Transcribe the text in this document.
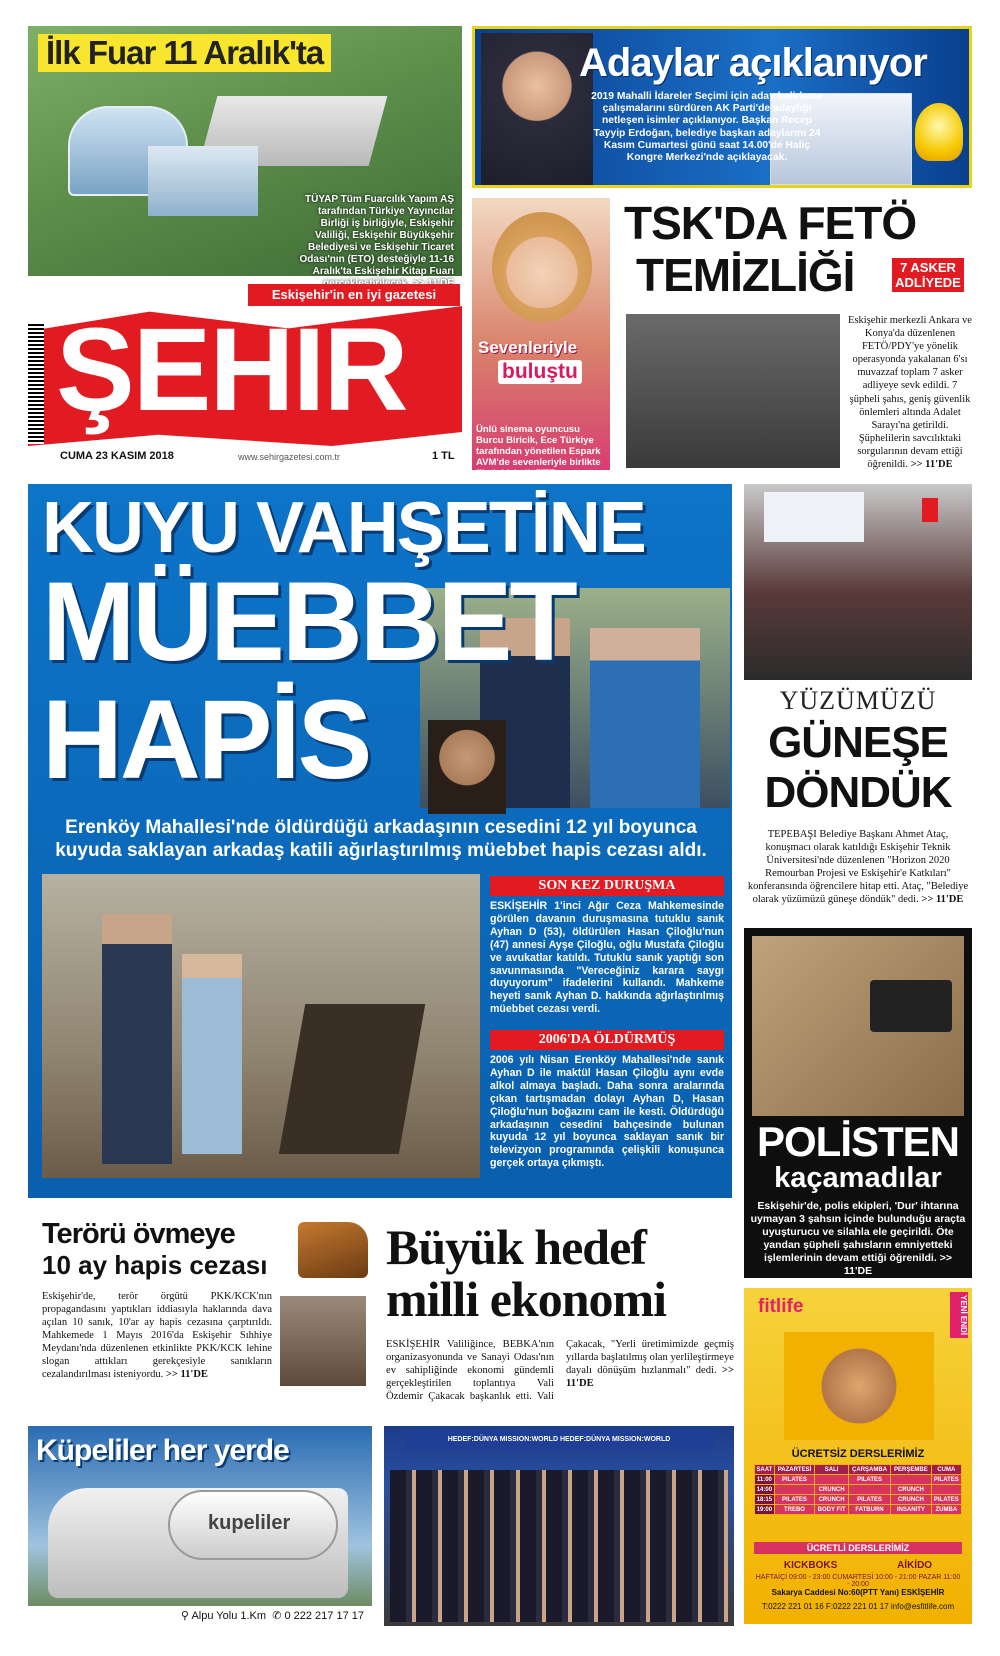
İlk Fuar 11 Aralık'ta
TÜYAP Tüm Fuarcılık Yapım AŞ tarafından Türkiye Yayıncılar Birliği iş birliğiyle, Eskişehir Valiliği, Eskişehir Büyükşehir Belediyesi ve Eskişehir Ticaret Odası'nın (ETO) desteğiyle 11-16 Aralık'ta Eskişehir Kitap Fuarı
Adaylar açıklanıyor
2019 Mahalli İdareler Seçimi için aday belirleme çalışmalarını sürdüren AK Parti'de adaylığı netleşen isimler açıklanıyor. Başkan Recep Tayyip Erdoğan, belediye başkan adaylarını 24 Kasım Cumartesi günü saat 14.00'de Haliç Kongre Merkezi'nde açıklayacak.
Eskişehir'in en iyi gazetesi
ŞEHİR
CUMA 23 KASIM 2018	www.sehirgazetesi.com.tr	1 TL
Sevenleriyle
buluştu
Ünlü sinema oyuncusu Burcu Biricik, Ece Türkiye tarafından yönetilen Espark AVM'de sevenleriyle birlikte filmini izledi. 5'TE
TSK'DA FETÖ
TEMİZLİĞİ	7 ASKER ADLİYEDE
Eskişehir merkezli Ankara ve Konya'da düzenlenen FETÖ/PDY'ye yönelik operasyonda yakalanan 6'sı muvazzaf toplam 7 asker adliyeye sevk edildi. 7 şüpheli şahıs, geniş güvenlik önlemleri altında Adalet Sarayı'na getirildi. Şüphelilerin savcılıktaki sorgularının devam ettiği öğrenildi. >> 11'DE
KUYU VAHŞETİNE
MÜEBBET
HAPİS
Erenköy Mahallesi'nde öldürdüğü arkadaşının cesedini 12 yıl boyunca kuyuda saklayan arkadaş katili ağırlaştırılmış müebbet hapis cezası aldı.
SON KEZ DURUŞMA
ESKİŞEHİR 1'inci Ağır Ceza Mahkemesinde görülen davanın duruşmasına tutuklu sanık Ayhan D (53), öldürülen Hasan Çiloğlu'nun (47) annesi Ayşe Çiloğlu, oğlu Mustafa Çiloğlu ve avukatlar katıldı. Tutuklu sanık yaptığı son savunmasında "Vereceğiniz karara saygı duyuyorum" ifadelerini kullandı. Mahkeme heyeti sanık Ayhan D. hakkında ağırlaştırılmış müebbet cezası verdi.
2006'DA ÖLDÜRMÜŞ
2006 yılı Nisan Erenköy Mahallesi'nde sanık Ayhan D ile maktül Hasan Çiloğlu aynı evde alkol almaya başladı. Daha sonra aralarında çıkan tartışmadan dolayı Ayhan D, Hasan Çiloğlu'nun boğazını cam ile kesti. Öldürdüğü arkadaşının cesedini bahçesinde bulunan kuyuda 12 yıl boyunca saklayan sanık bir televizyon programında çelişkili konuşunca gerçek ortaya çıkmıştı.
YÜZÜMÜZÜ
GÜNEŞE
DÖNDÜK
TEPEBAŞI Belediye Başkanı Ahmet Ataç, konuşmacı olarak katıldığı Eskişehir Teknik Üniversitesi'nde düzenlenen "Horizon 2020 Remourban Projesi ve Eskişehir'e Katkıları" konferansında öğrencilere hitap etti. Ataç, "Belediye olarak yüzümüzü güneşe döndük" dedi. >> 11'DE
POLİSTEN
kaçamadılar
Eskişehir'de, polis ekipleri, 'Dur' ihtarına uymayan 3 şahsın içinde bulunduğu araçta uyuşturucu ve silahla ele geçirildi. Öte yandan şüpheli şahısların emniyetteki işlemlerinin devam ettiği öğrenildi. >> 11'DE
fitlife	YENİ ENDİ
ÜCRETSİZ DERSLERİMİZ
SAAT	PAZARTESİ	SALI	ÇARŞAMBA	PERŞEMBE	CUMA
11:00	PILATES		PILATES		PILATES
14:00		CRUNCH		CRUNCH	
18:15	PILATES	CRUNCH	PILATES	CRUNCH	PILATES
19:00	TREBO	BODY FIT	FATBURN	INSANITY	ZUMBA
ÜCRETLİ DERSLERİMİZ
KICKBOKS	AİKİDO
HAFTAİÇİ 09:00 - 23:00 CUMARTESİ 10:00 - 21:00 PAZAR 11:00 - 20:00
Sakarya Caddesi No:60(PTT Yanı) ESKİŞEHİR
T:0222 221 01 16 F:0222 221 01 17 info@esfitlife.com
Terörü övmeye
10 ay hapis cezası
Eskişehir'de, terör örgütü PKK/KCK'nın propagandasını yaptıkları iddiasıyla haklarında dava açılan 10 sanık, 10'ar ay hapis cezasına çarptırıldı. Mahkemede 1 Mayıs 2016'da Eskişehir Sıhhiye Meydanı'nda düzenlenen etkinlikte PKK/KCK lehine slogan attıkları gerekçesiyle sanıkların cezalandırılması isteniyordu. >> 11'DE
Büyük hedef
milli ekonomi
ESKİŞEHİR Valiliğince, BEBKA'nın organizasyonunda ve Sanayi Odası'nın ev sahipliğinde ekonomi gündemli gerçekleştirilen toplantıya Vali Özdemir Çakacak başkanlık etti. Vali Çakacak, "Yerli üretimimizde geçmiş yıllarda başlatılmış olan yerlileştirmeye dayalı dönüşüm hızlanmalı" dedi. >> 11'DE
Küpeliler her yerde
kupeliler
⚲ Alpu Yolu 1.Km ✆ 0 222 217 17 17
HEDEF:DÜNYA MISSION:WORLD HEDEF:DÜNYA MISSION:WORLD
